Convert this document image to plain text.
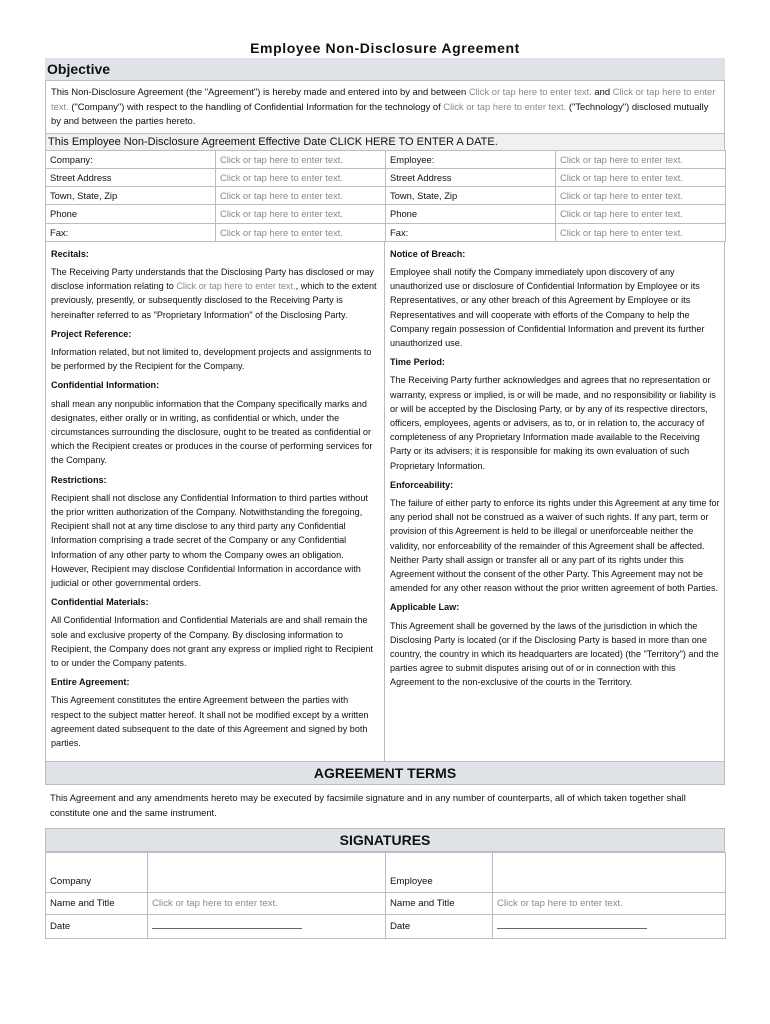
Employee Non-Disclosure Agreement
Objective
This Non-Disclosure Agreement (the "Agreement") is hereby made and entered into by and between Click or tap here to enter text. and Click or tap here to enter text. ("Company") with respect to the handling of Confidential Information for the technology of Click or tap here to enter text. ("Technology") disclosed mutually by and between the parties hereto.
This Employee Non-Disclosure Agreement Effective Date CLICK HERE TO ENTER A DATE.
Company:	Click or tap here to enter text.	Employee:	Click or tap here to enter text.
Street Address	Click or tap here to enter text.	Street Address	Click or tap here to enter text.
Town, State, Zip	Click or tap here to enter text.	Town, State, Zip	Click or tap here to enter text.
Phone	Click or tap here to enter text.	Phone	Click or tap here to enter text.
Fax:	Click or tap here to enter text.	Fax:	Click or tap here to enter text.
Recitals:
The Receiving Party understands that the Disclosing Party has disclosed or may disclose information relating to Click or tap here to enter text., which to the extent previously, presently, or subsequently disclosed to the Receiving Party is hereinafter referred to as "Proprietary Information" of the Disclosing Party.
Project Reference:
Information related, but not limited to, development projects and assignments to be performed by the Recipient for the Company.
Confidential Information:
shall mean any nonpublic information that the Company specifically marks and designates, either orally or in writing, as confidential or which, under the circumstances surrounding the disclosure, ought to be treated as confidential or which the Recipient creates or produces in the course of performing services for the Company.
Restrictions:
Recipient shall not disclose any Confidential Information to third parties without the prior written authorization of the Company. Notwithstanding the foregoing, Recipient shall not at any time disclose to any third party any Confidential Information comprising a trade secret of the Company or any Confidential Information of any other party to whom the Company owes an obligation. However, Recipient may disclose Confidential Information in accordance with judicial or other governmental orders.
Confidential Materials:
All Confidential Information and Confidential Materials are and shall remain the sole and exclusive property of the Company. By disclosing information to Recipient, the Company does not grant any express or implied right to Recipient to or under the Company patents.
Entire Agreement:
This Agreement constitutes the entire Agreement between the parties with respect to the subject matter hereof. It shall not be modified except by a written agreement dated subsequent to the date of this Agreement and signed by both parties.
Notice of Breach:
Employee shall notify the Company immediately upon discovery of any unauthorized use or disclosure of Confidential Information by Employee or its Representatives, or any other breach of this Agreement by Employee or its Representatives and will cooperate with efforts of the Company to help the Company regain possession of Confidential Information and prevent its further unauthorized use.
Time Period:
The Receiving Party further acknowledges and agrees that no representation or warranty, express or implied, is or will be made, and no responsibility or liability is or will be accepted by the Disclosing Party, or by any of its respective directors, officers, employees, agents or advisers, as to, or in relation to, the accuracy of completeness of any Proprietary Information made available to the Receiving Party or its advisers; it is responsible for making its own evaluation of such Proprietary Information.
Enforceability:
The failure of either party to enforce its rights under this Agreement at any time for any period shall not be construed as a waiver of such rights. If any part, term or provision of this Agreement is held to be illegal or unenforceable neither the validity, nor enforceability of the remainder of this Agreement shall be affected. Neither Party shall assign or transfer all or any part of its rights under this Agreement without the consent of the other Party. This Agreement may not be amended for any other reason without the prior written agreement of both Parties.
Applicable Law:
This Agreement shall be governed by the laws of the jurisdiction in which the Disclosing Party is located (or if the Disclosing Party is based in more than one country, the country in which its headquarters are located) (the "Territory") and the parties agree to submit disputes arising out of or in connection with this Agreement to the non-exclusive of the courts in the Territory.
AGREEMENT TERMS
This Agreement and any amendments hereto may be executed by facsimile signature and in any number of counterparts, all of which taken together shall constitute one and the same instrument.
SIGNATURES
Company		Employee	
Name and Title	Click or tap here to enter text.	Name and Title	Click or tap here to enter text.
Date		Date	
